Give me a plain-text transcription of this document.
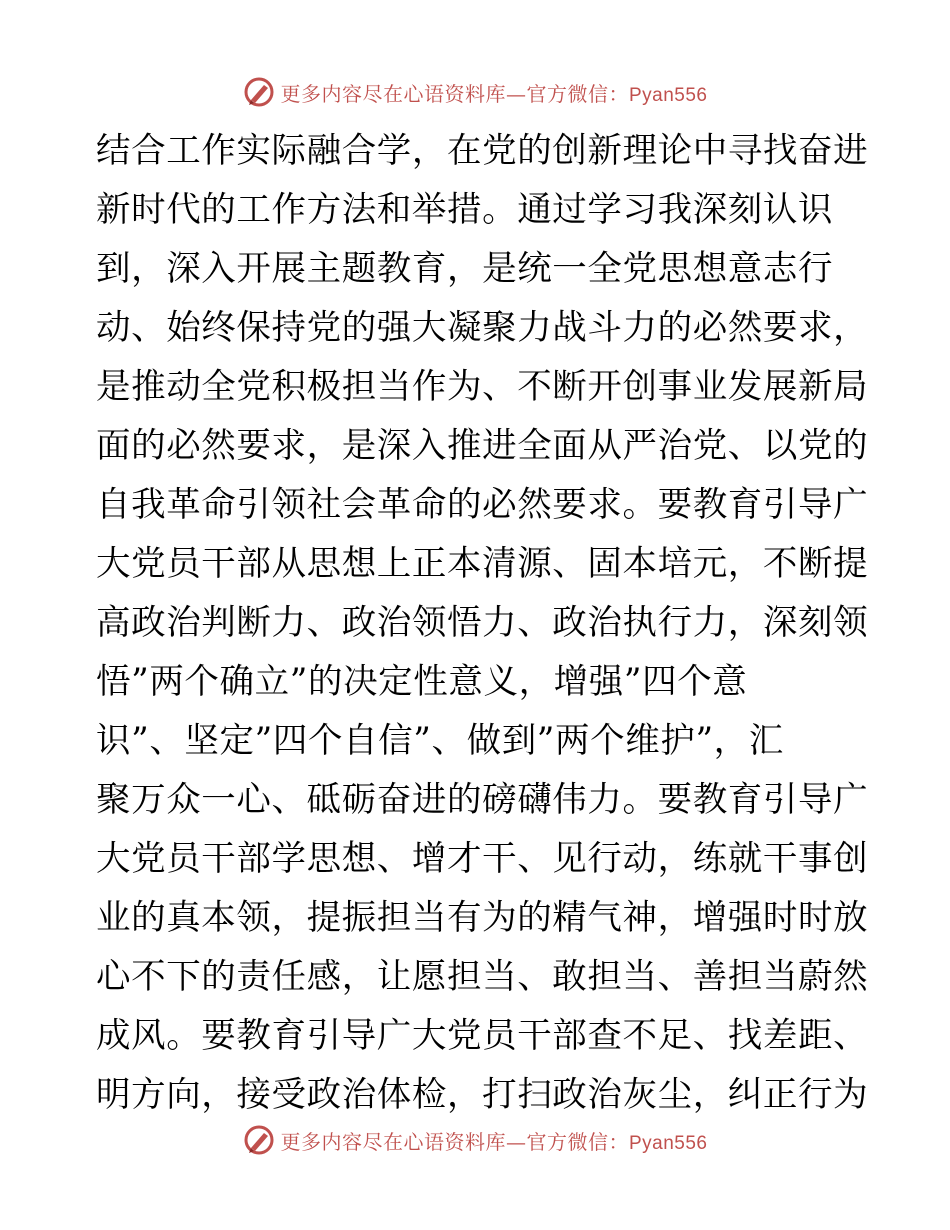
更多内容尽在心语资料库—官方微信：Pyan556
结合工作实际融合学，在党的创新理论中寻找奋进
新时代的工作方法和举措。通过学习我深刻认识
到，深入开展主题教育，是统一全党思想意志行
动、始终保持党的强大凝聚力战斗力的必然要求，
是推动全党积极担当作为、不断开创事业发展新局
面的必然要求，是深入推进全面从严治党、以党的
自我革命引领社会革命的必然要求。要教育引导广
大党员干部从思想上正本清源、固本培元，不断提
高政治判断力、政治领悟力、政治执行力，深刻领
悟”两个确立”的决定性意义，增强”四个意
识”、坚定”四个自信”、做到”两个维护”，汇
聚万众一心、砥砺奋进的磅礴伟力。要教育引导广
大党员干部学思想、增才干、见行动，练就干事创
业的真本领，提振担当有为的精气神，增强时时放
心不下的责任感，让愿担当、敢担当、善担当蔚然
成风。要教育引导广大党员干部查不足、找差距、
明方向，接受政治体检，打扫政治灰尘，纠正行为
更多内容尽在心语资料库—官方微信：Pyan556
